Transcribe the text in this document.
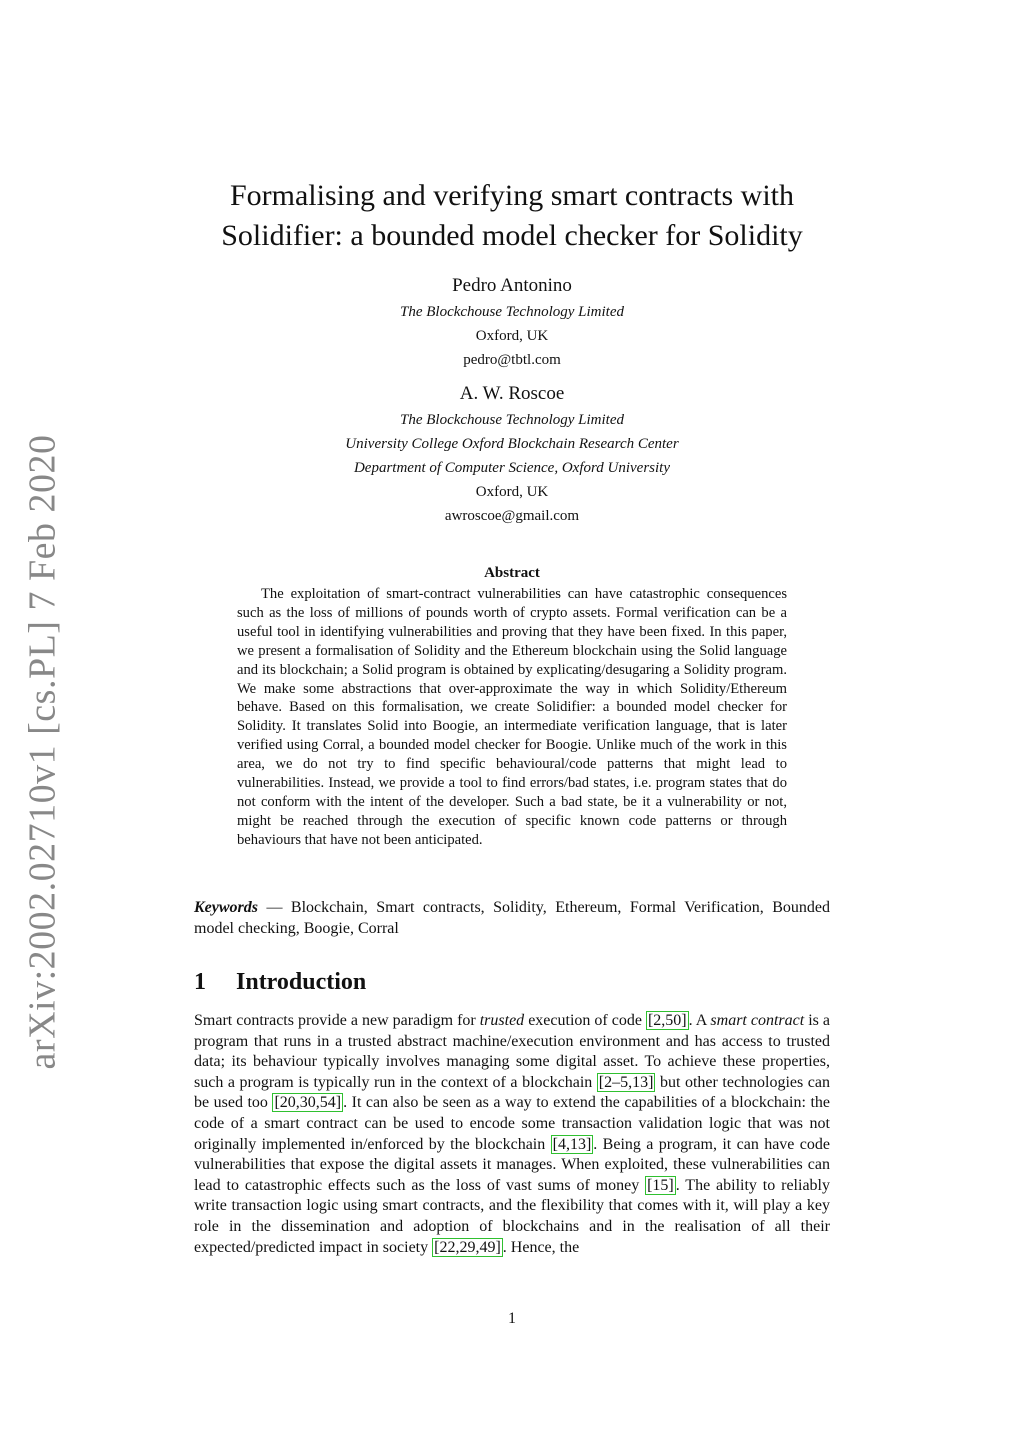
arXiv:2002.02710v1 [cs.PL] 7 Feb 2020
Formalising and verifying smart contracts with
Solidifier: a bounded model checker for Solidity
Pedro Antonino
The Blockchouse Technology Limited
Oxford, UK
pedro@tbtl.com
A. W. Roscoe
The Blockchouse Technology Limited
University College Oxford Blockchain Research Center
Department of Computer Science, Oxford University
Oxford, UK
awroscoe@gmail.com
Abstract
The exploitation of smart-contract vulnerabilities can have catastrophic consequences such as the loss of millions of pounds worth of crypto assets. Formal verification can be a useful tool in identifying vulnerabilities and proving that they have been fixed. In this paper, we present a formalisation of Solidity and the Ethereum blockchain using the Solid language and its blockchain; a Solid program is obtained by explicating/desugaring a Solidity program. We make some abstractions that over-approximate the way in which Solidity/Ethereum behave. Based on this formalisation, we create Solidifier: a bounded model checker for Solidity. It translates Solid into Boogie, an intermediate verification language, that is later verified using Corral, a bounded model checker for Boogie. Unlike much of the work in this area, we do not try to find specific behavioural/code patterns that might lead to vulnerabilities. Instead, we provide a tool to find errors/bad states, i.e. program states that do not conform with the intent of the developer. Such a bad state, be it a vulnerability or not, might be reached through the execution of specific known code patterns or through behaviours that have not been anticipated.
Keywords — Blockchain, Smart contracts, Solidity, Ethereum, Formal Verification, Bounded model checking, Boogie, Corral
1 Introduction
Smart contracts provide a new paradigm for trusted execution of code [2,50] . A smart contract is a program that runs in a trusted abstract machine/execution environment and has access to trusted data; its behaviour typically involves managing some digital asset. To achieve these properties, such a program is typically run in the context of a blockchain [2–5,13] but other technologies can be used too [20,30,54] . It can also be seen as a way to extend the capabilities of a blockchain: the code of a smart contract can be used to encode some transaction validation logic that was not originally implemented in/enforced by the blockchain [4,13] . Being a program, it can have code vulnerabilities that expose the digital assets it manages. When exploited, these vulnerabilities can lead to catastrophic effects such as the loss of vast sums of money [15] . The ability to reliably write transaction logic using smart contracts, and the flexibility that comes with it, will play a key role in the dissemination and adoption of blockchains and in the realisation of all their expected/predicted impact in society [22,29,49] . Hence, the
1
